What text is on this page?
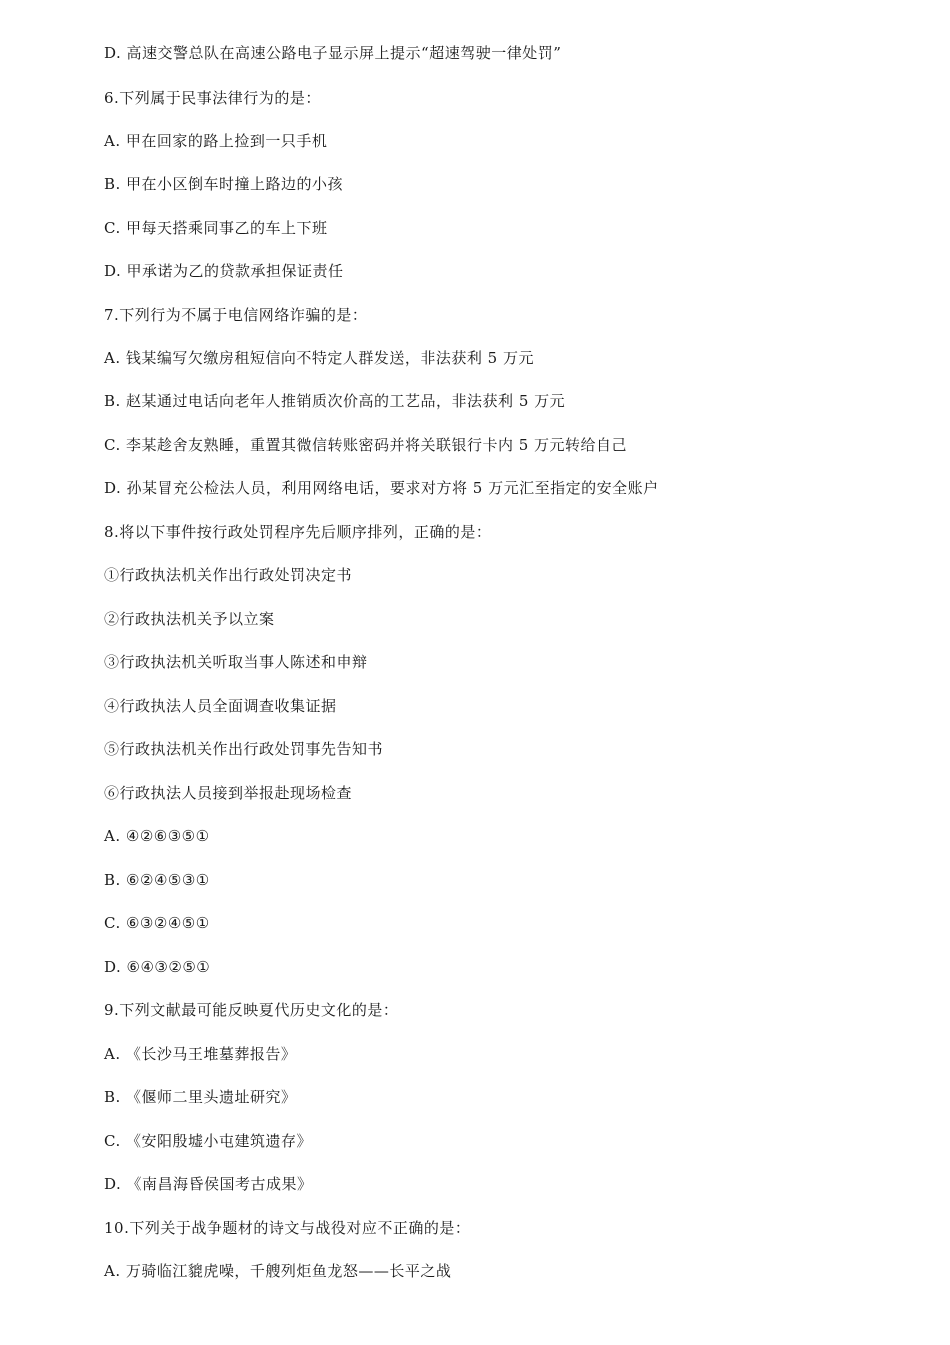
D. 高速交警总队在高速公路电子显示屏上提示“超速驾驶一律处罚”
6.下列属于民事法律行为的是：
A. 甲在回家的路上捡到一只手机
B. 甲在小区倒车时撞上路边的小孩
C. 甲每天搭乘同事乙的车上下班
D. 甲承诺为乙的贷款承担保证责任
7.下列行为不属于电信网络诈骗的是：
A. 钱某编写欠缴房租短信向不特定人群发送，非法获利 5 万元
B. 赵某通过电话向老年人推销质次价高的工艺品，非法获利 5 万元
C. 李某趁舍友熟睡，重置其微信转账密码并将关联银行卡内 5 万元转给自己
D. 孙某冒充公检法人员，利用网络电话，要求对方将 5 万元汇至指定的安全账户
8.将以下事件按行政处罚程序先后顺序排列，正确的是：
①行政执法机关作出行政处罚决定书
②行政执法机关予以立案
③行政执法机关听取当事人陈述和申辩
④行政执法人员全面调查收集证据
⑤行政执法机关作出行政处罚事先告知书
⑥行政执法人员接到举报赴现场检查
A. ④②⑥③⑤①
B. ⑥②④⑤③①
C. ⑥③②④⑤①
D. ⑥④③②⑤①
9.下列文献最可能反映夏代历史文化的是：
A. 《长沙马王堆墓葬报告》
B. 《偃师二里头遗址研究》
C. 《安阳殷墟小屯建筑遗存》
D. 《南昌海昏侯国考古成果》
10.下列关于战争题材的诗文与战役对应不正确的是：
A. 万骑临江貔虎噪，千艘列炬鱼龙怒——长平之战
